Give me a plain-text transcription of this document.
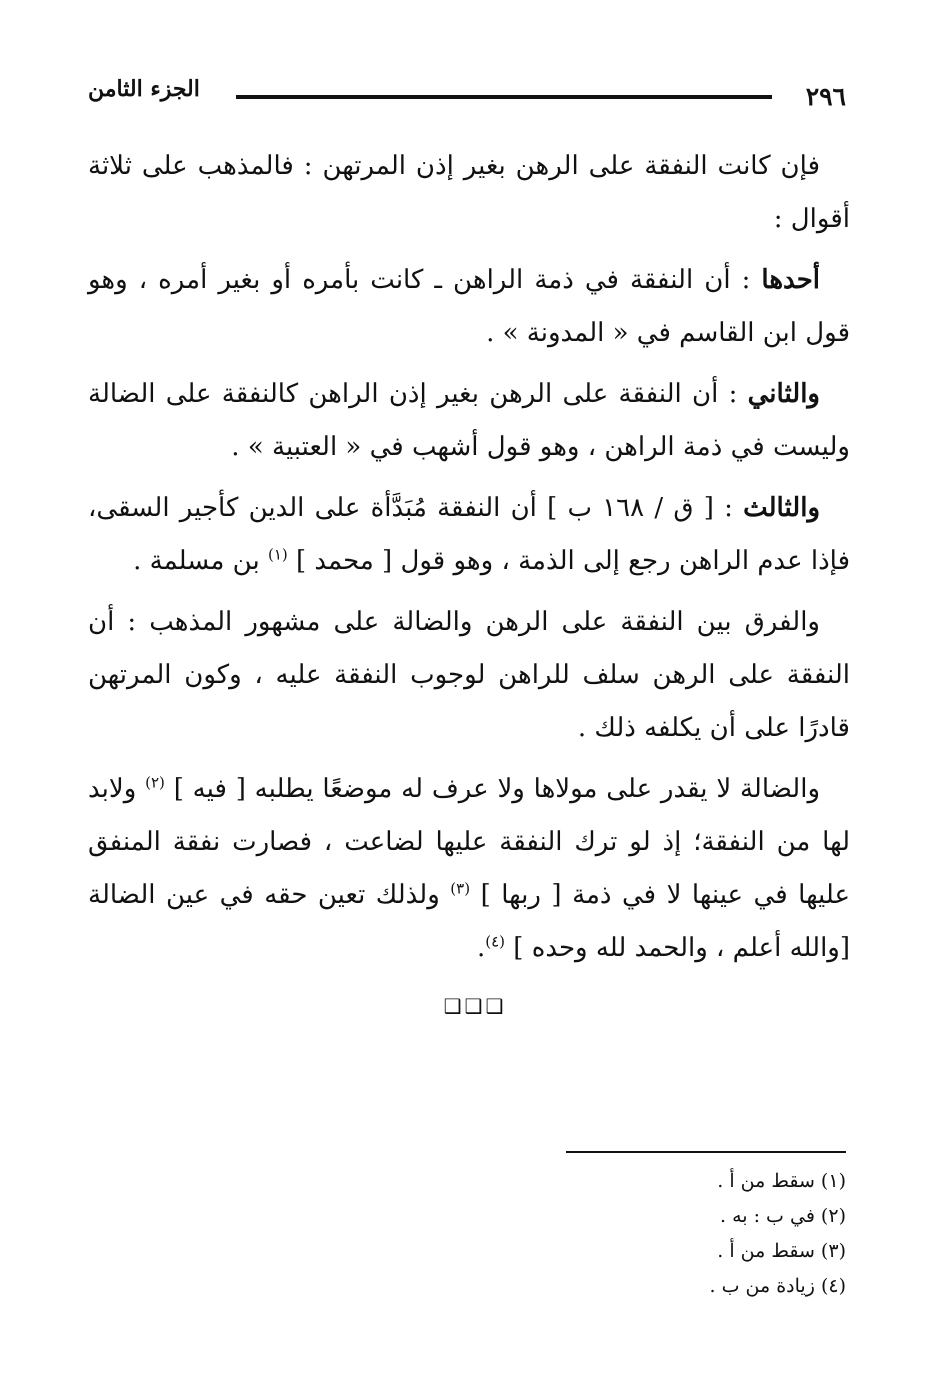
٢٩٦
الجزء الثامن

فإن كانت النفقة على الرهن بغير إذن المرتهن : فالمذهب على ثلاثة أقوال :

أحدها : أن النفقة في ذمة الراهن ـ كانت بأمره أو بغير أمره ، وهو قول ابن القاسم في « المدونة » .

والثاني : أن النفقة على الرهن بغير إذن الراهن كالنفقة على الضالة وليست في ذمة الراهن ، وهو قول أشهب في « العتبية » .

والثالث : [ ق / ١٦٨ ب ] أن النفقة مُبَدَّأة على الدين كأجير السقى، فإذا عدم الراهن رجع إلى الذمة ، وهو قول [ محمد ] $^{(١)}$ بن مسلمة .

والفرق بين النفقة على الرهن والضالة على مشهور المذهب : أن النفقة على الرهن سلف للراهن لوجوب النفقة عليه ، وكون المرتهن قادرًا على أن يكلفه ذلك .

والضالة لا يقدر على مولاها ولا عرف له موضعًا يطلبه [ فيه ] $^{(٢)}$ ولابد لها من النفقة؛ إذ لو ترك النفقة عليها لضاعت ، فصارت نفقة المنفق عليها في عينها لا في ذمة [ ربها ] $^{(٣)}$ ولذلك تعين حقه في عين الضالة [والله أعلم ، والحمد لله وحده ] $^{(٤)}$.

❑❑❑
(١) سقط من أ .
(٢) في ب : به .
(٣) سقط من أ .
(٤) زيادة من ب .
